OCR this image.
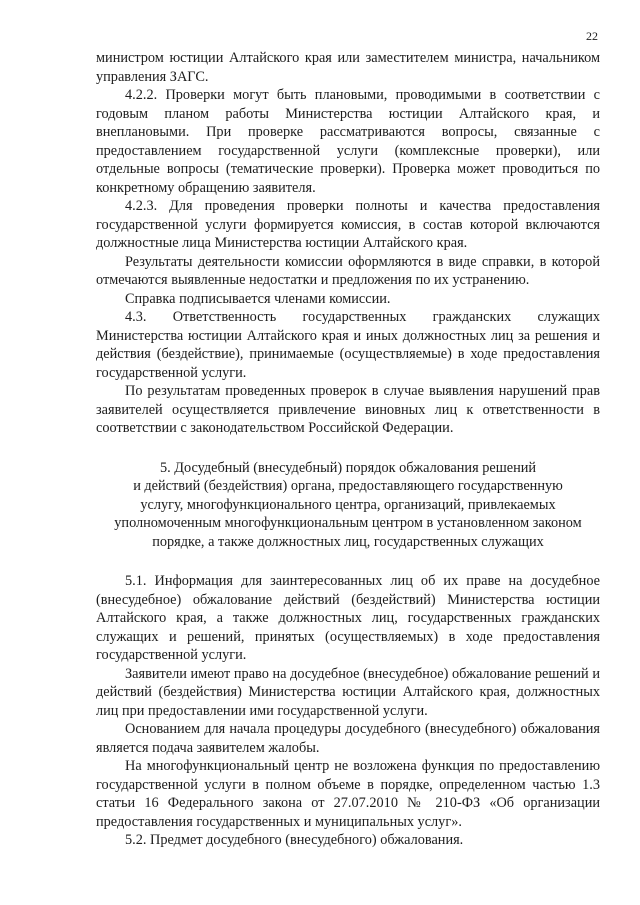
22

министром юстиции Алтайского края или заместителем министра, начальником управления ЗАГС.

4.2.2. Проверки могут быть плановыми, проводимыми в соответствии с годовым планом работы Министерства юстиции Алтайского края, и внеплановыми. При проверке рассматриваются вопросы, связанные с предоставлением государственной услуги (комплексные проверки), или отдельные вопросы (тематические проверки). Проверка может проводиться по конкретному обращению заявителя.

4.2.3. Для проведения проверки полноты и качества предоставления государственной услуги формируется комиссия, в состав которой включаются должностные лица Министерства юстиции Алтайского края.

Результаты деятельности комиссии оформляются в виде справки, в которой отмечаются выявленные недостатки и предложения по их устранению.

Справка подписывается членами комиссии.

4.3. Ответственность государственных гражданских служащих Министерства юстиции Алтайского края и иных должностных лиц за решения и действия (бездействие), принимаемые (осуществляемые) в ходе предоставления государственной услуги.

По результатам проведенных проверок в случае выявления нарушений прав заявителей осуществляется привлечение виновных лиц к ответственности в соответствии с законодательством Российской Федерации.

5. Досудебный (внесудебный) порядок обжалования решений
и действий (бездействия) органа, предоставляющего государственную
услугу, многофункционального центра, организаций, привлекаемых
уполномоченным многофункциональным центром в установленном законом
порядке, а также должностных лиц, государственных служащих

5.1. Информация для заинтересованных лиц об их праве на досудебное (внесудебное) обжалование действий (бездействий) Министерства юстиции Алтайского края, а также должностных лиц, государственных гражданских служащих и решений, принятых (осуществляемых) в ходе предоставления государственной услуги.

Заявители имеют право на досудебное (внесудебное) обжалование решений и действий (бездействия) Министерства юстиции Алтайского края, должностных лиц при предоставлении ими государственной услуги.

Основанием для начала процедуры досудебного (внесудебного) обжалования является подача заявителем жалобы.

На многофункциональный центр не возложена функция по предоставлению государственной услуги в полном объеме в порядке, определенном частью 1.3 статьи 16 Федерального закона от 27.07.2010 № 210-ФЗ «Об организации предоставления государственных и муниципальных услуг».

5.2. Предмет досудебного (внесудебного) обжалования.
